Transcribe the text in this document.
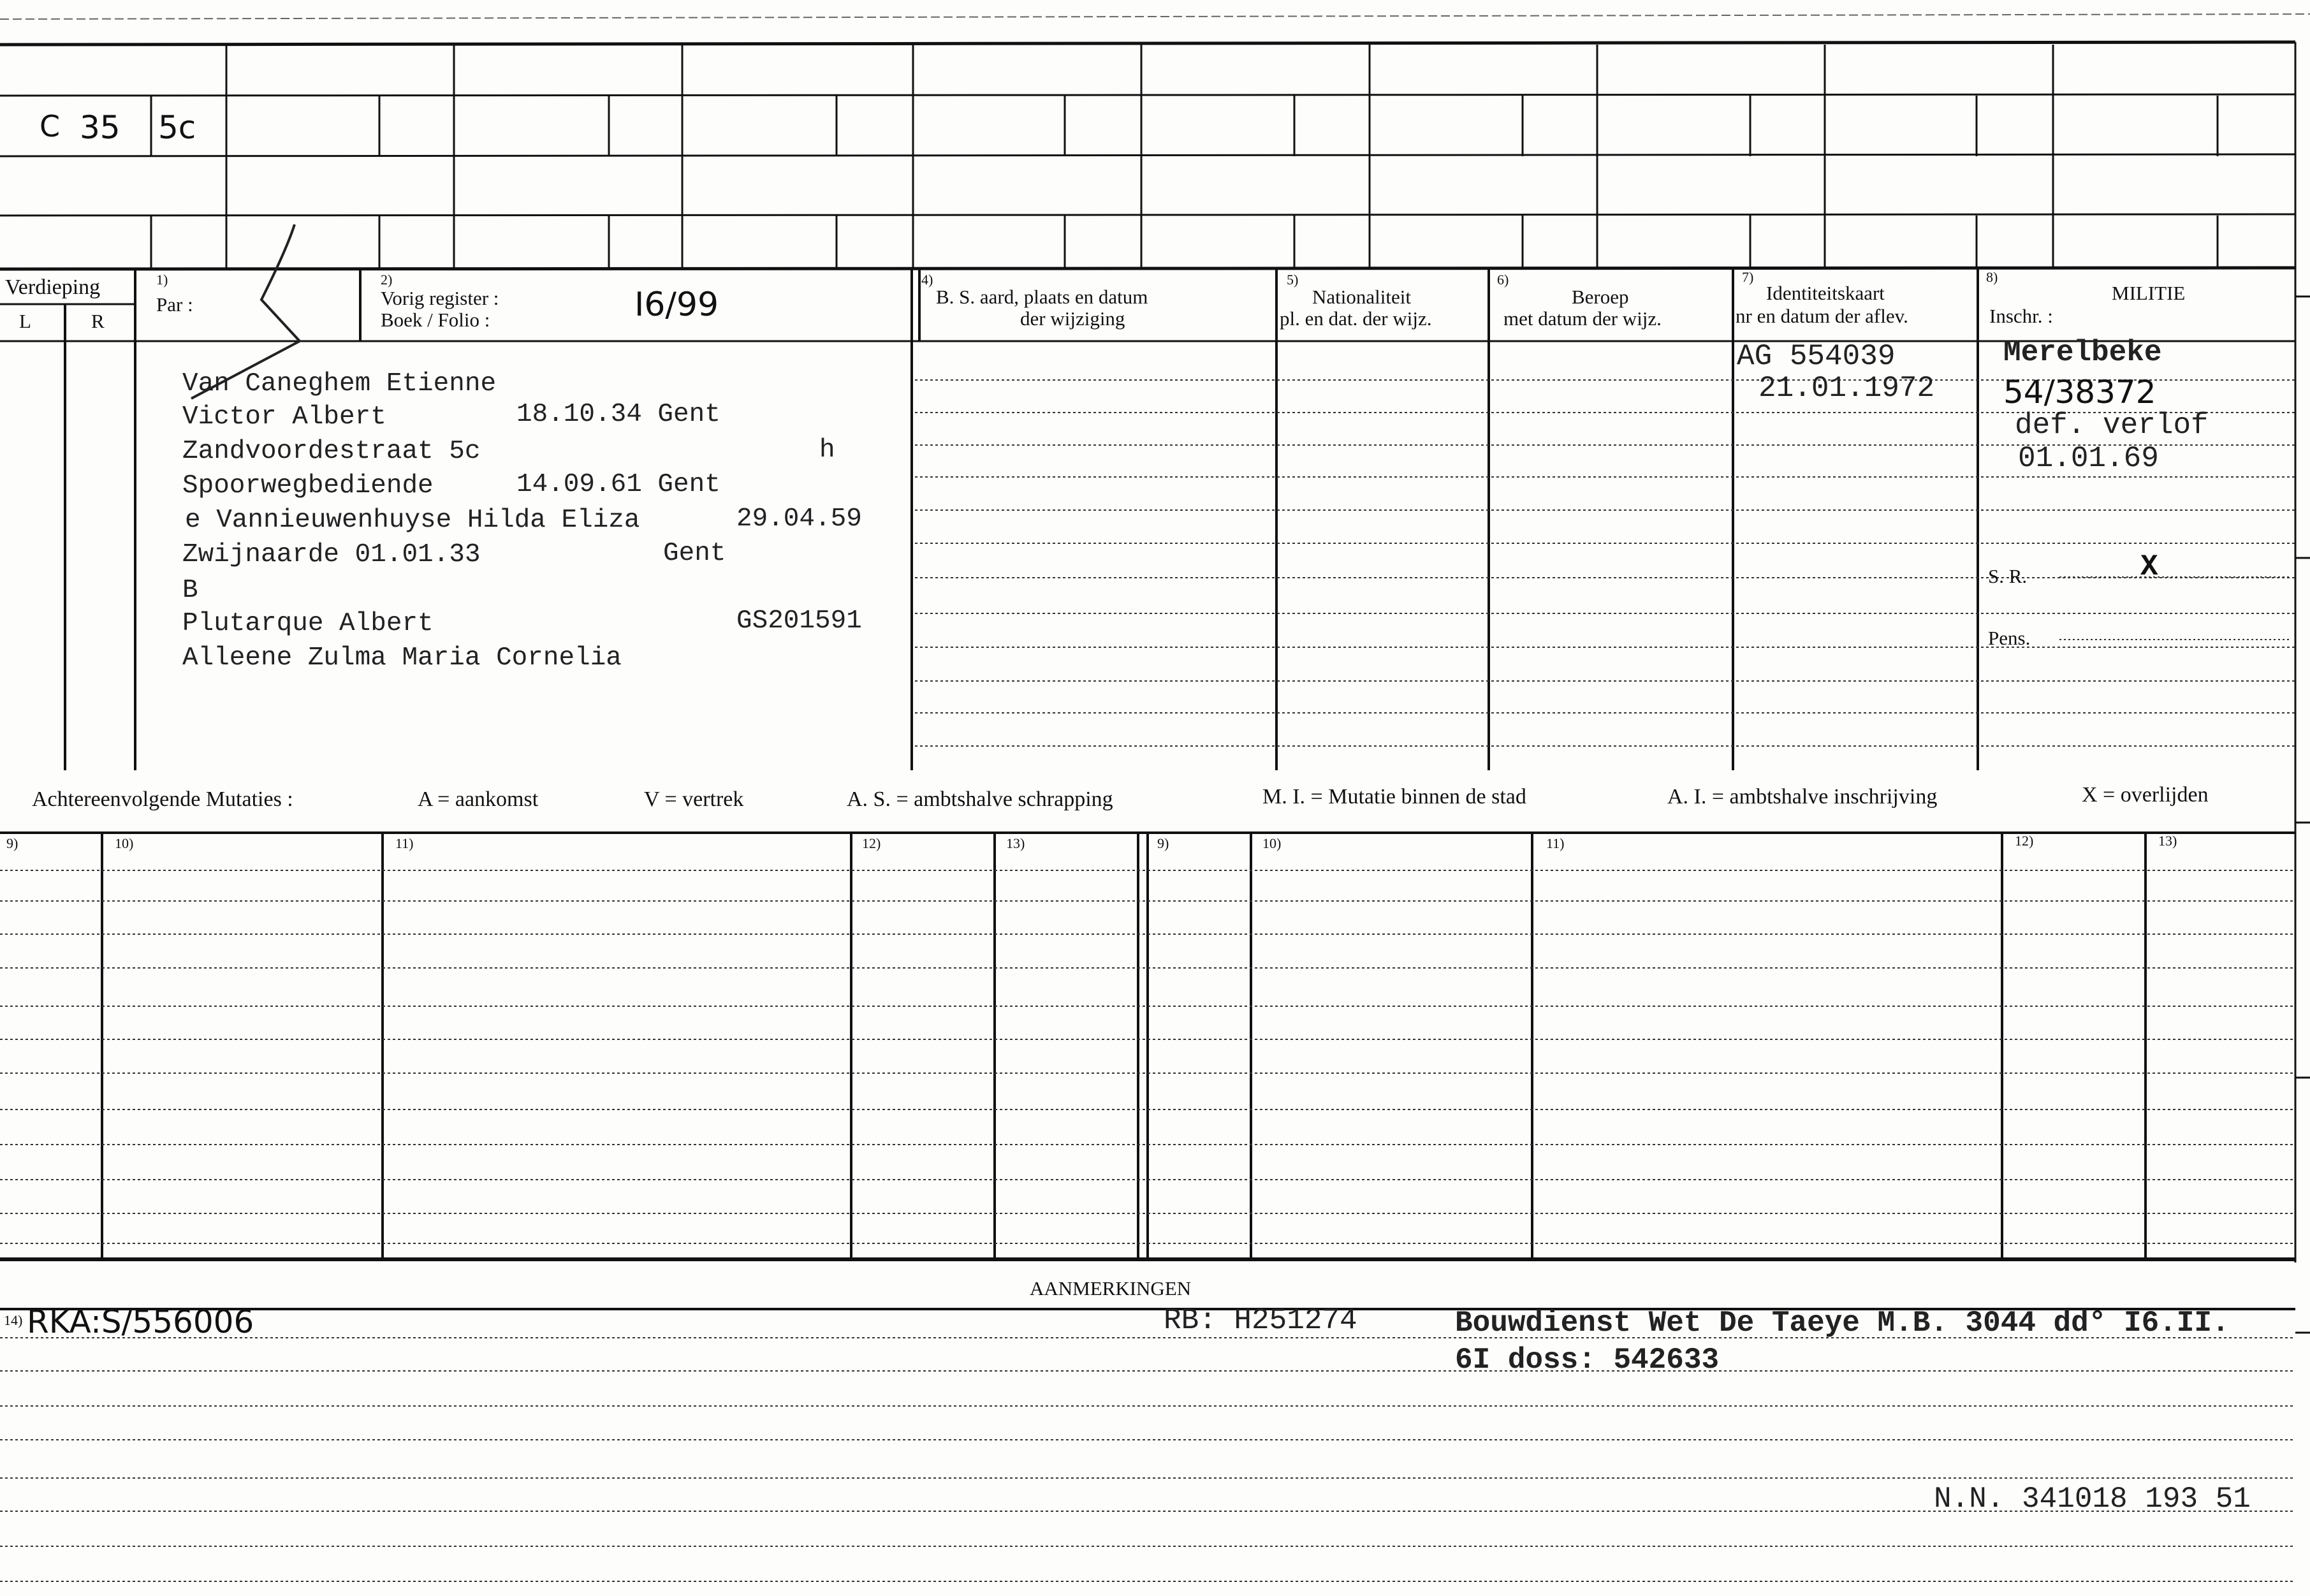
C 35 5c
Verdieping
L	R
1)
Par :
2)
Vorig register :
Boek / Folio :	I6/99
4)
B. S. aard, plaats en datum
der wijziging
5)
Nationaliteit
pl. en dat. der wijz.
6)
Beroep
met datum der wijz.
7)
Identiteitskaart
nr en datum der aflev.
8)
MILITIE
Inschr. :
Van Caneghem Etienne
Victor Albert	18.10.34 Gent
Zandvoordestraat 5c	h
Spoorwegbediende	14.09.61 Gent
e Vannieuwenhuyse Hilda Eliza	29.04.59
Zwijnaarde 01.01.33	Gent
B
Plutarque Albert	GS201591
Alleene Zulma Maria Cornelia
AG 554039
21.01.1972
Merelbeke
54/38372
def. verlof
01.01.69
S. R.	X
Pens.
Achtereenvolgende Mutaties :	A = aankomst	V = vertrek	A. S. = ambtshalve schrapping	M. I. = Mutatie binnen de stad	A. I. = ambtshalve inschrijving	X = overlijden
9)	10)	11)	12)	13)	9)	10)	11)	12)	13)
AANMERKINGEN
14) RKA:S/556006	RB: H251274	Bouwdienst Wet De Taeye M.B. 3044 dd° I6.II.
6I doss: 542633
N.N. 341018 193 51
